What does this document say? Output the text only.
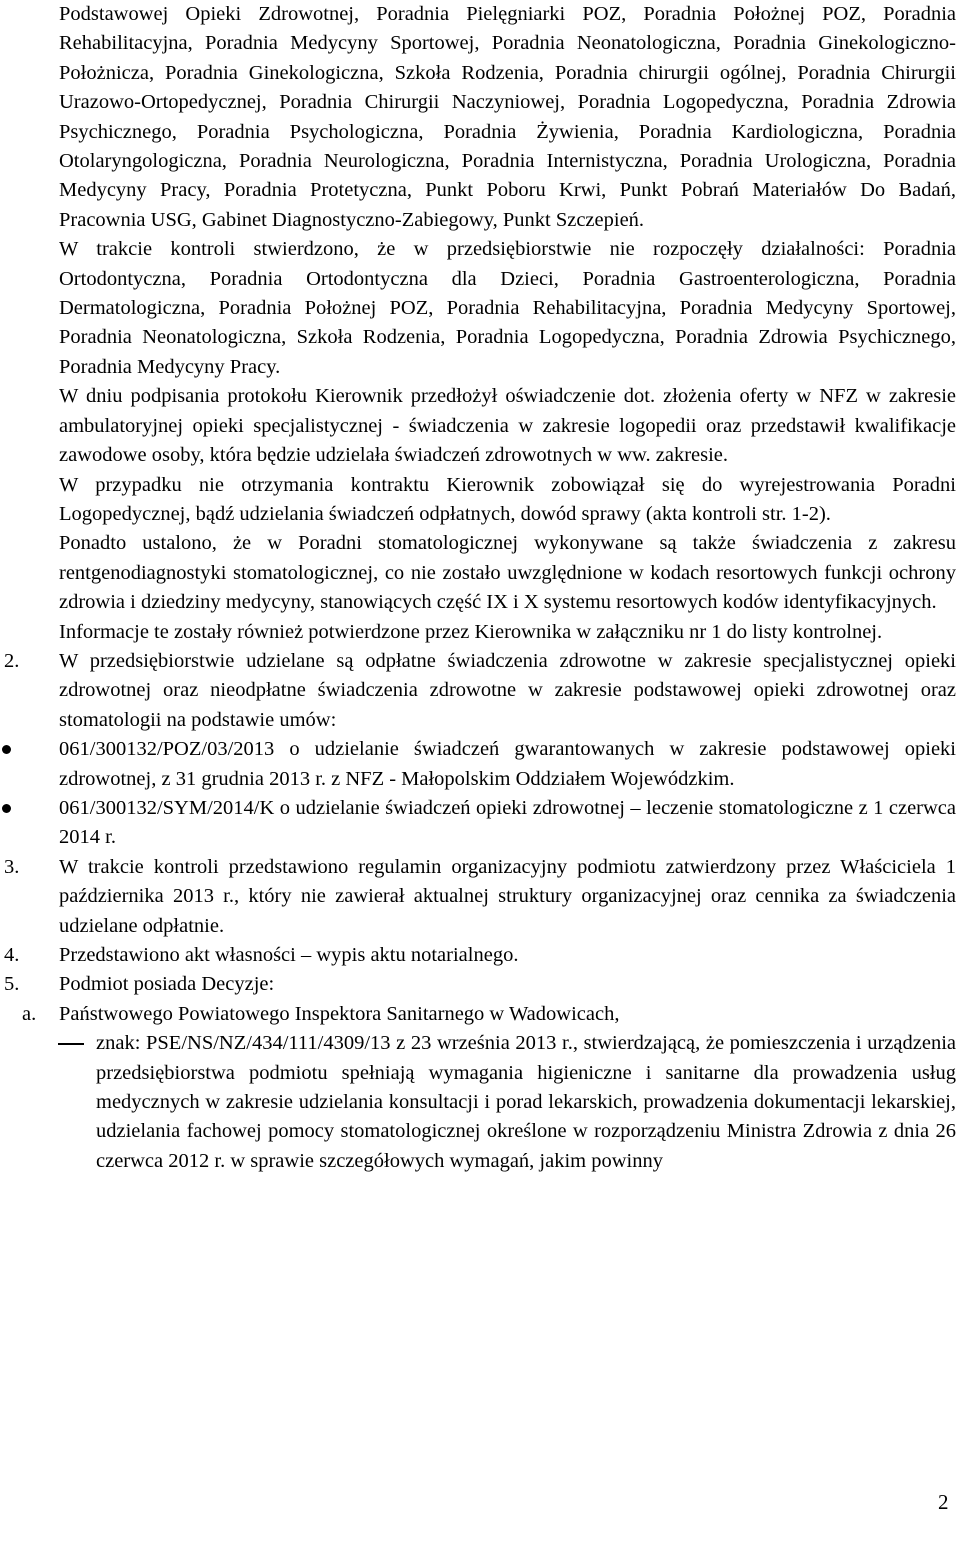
Podstawowej Opieki Zdrowotnej, Poradnia Pielęgniarki POZ, Poradnia Położnej POZ, Poradnia Rehabilitacyjna, Poradnia Medycyny Sportowej, Poradnia Neonatologiczna, Poradnia Ginekologiczno-Położnicza, Poradnia Ginekologiczna, Szkoła Rodzenia, Poradnia chirurgii ogólnej, Poradnia Chirurgii Urazowo-Ortopedycznej, Poradnia Chirurgii Naczyniowej, Poradnia Logopedyczna, Poradnia Zdrowia Psychicznego, Poradnia Psychologiczna, Poradnia Żywienia, Poradnia Kardiologiczna, Poradnia Otolaryngologiczna, Poradnia Neurologiczna, Poradnia Internistyczna, Poradnia Urologiczna, Poradnia Medycyny Pracy, Poradnia Protetyczna, Punkt Poboru Krwi, Punkt Pobrań Materiałów Do Badań, Pracownia USG, Gabinet Diagnostyczno-Zabiegowy, Punkt Szczepień.

W trakcie kontroli stwierdzono, że w przedsiębiorstwie nie rozpoczęły działalności: Poradnia Ortodontyczna, Poradnia Ortodontyczna dla Dzieci, Poradnia Gastroenterologiczna, Poradnia Dermatologiczna, Poradnia Położnej POZ, Poradnia Rehabilitacyjna, Poradnia Medycyny Sportowej, Poradnia Neonatologiczna, Szkoła Rodzenia, Poradnia Logopedyczna, Poradnia Zdrowia Psychicznego, Poradnia Medycyny Pracy.

W dniu podpisania protokołu Kierownik przedłożył oświadczenie dot. złożenia oferty w NFZ w zakresie ambulatoryjnej opieki specjalistycznej - świadczenia w zakresie logopedii oraz przedstawił kwalifikacje zawodowe osoby, która będzie udzielała świadczeń zdrowotnych w ww. zakresie.

W przypadku nie otrzymania kontraktu Kierownik zobowiązał się do wyrejestrowania Poradni Logopedycznej, bądź udzielania świadczeń odpłatnych, dowód sprawy (akta kontroli str. 1-2).

Ponadto ustalono, że w Poradni stomatologicznej wykonywane są także świadczenia z zakresu rentgenodiagnostyki stomatologicznej, co nie zostało uwzględnione w kodach resortowych funkcji ochrony zdrowia i dziedziny medycyny, stanowiących część IX i X systemu resortowych kodów identyfikacyjnych.

Informacje te zostały również potwierdzone przez Kierownika w załączniku nr 1 do listy kontrolnej.

2.	W przedsiębiorstwie udzielane są odpłatne świadczenia zdrowotne w zakresie specjalistycznej opieki zdrowotnej oraz nieodpłatne świadczenia zdrowotne w zakresie podstawowej opieki zdrowotnej oraz stomatologii na podstawie umów:

061/300132/POZ/03/2013 o udzielanie świadczeń gwarantowanych w zakresie podstawowej opieki zdrowotnej, z 31 grudnia 2013 r. z NFZ - Małopolskim Oddziałem Wojewódzkim.

061/300132/SYM/2014/K o udzielanie świadczeń opieki zdrowotnej – leczenie stomatologiczne z 1 czerwca 2014 r.

3.	W trakcie kontroli przedstawiono regulamin organizacyjny podmiotu zatwierdzony przez Właściciela 1 października 2013 r., który nie zawierał aktualnej struktury organizacyjnej oraz cennika za świadczenia udzielane odpłatnie.

4.	Przedstawiono akt własności – wypis aktu notarialnego.

5.	Podmiot posiada Decyzje:

a.	Państwowego Powiatowego Inspektora Sanitarnego w Wadowicach,

znak: PSE/NS/NZ/434/111/4309/13 z 23 września 2013 r., stwierdzającą, że pomieszczenia i urządzenia przedsiębiorstwa podmiotu spełniają wymagania higieniczne i sanitarne dla prowadzenia usług medycznych w zakresie udzielania konsultacji i porad lekarskich, prowadzenia dokumentacji lekarskiej, udzielania fachowej pomocy stomatologicznej określone w rozporządzeniu Ministra Zdrowia z dnia 26 czerwca 2012 r. w sprawie szczegółowych wymagań, jakim powinny

2
